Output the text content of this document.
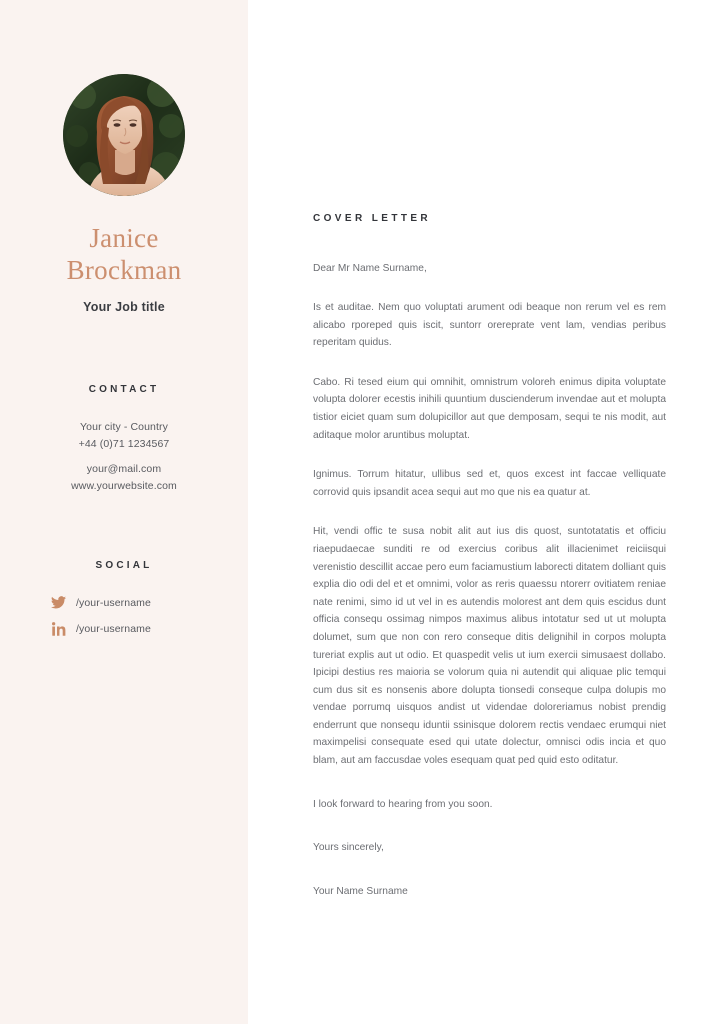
Janice
Brockman
Your Job title
CONTACT
Your city - Country
+44 (0)71 1234567
your@mail.com
www.yourwebsite.com
SOCIAL
/your-username
/your-username
COVER LETTER

Dear Mr Name Surname,

Is et auditae. Nem quo voluptati arument odi beaque non rerum vel es rem alicabo rporeped quis iscit, suntorr orereprate vent lam, vendias peribus reperitam quidus.

Cabo. Ri tesed eium qui omnihit, omnistrum voloreh enimus dipita voluptate volupta dolorer ecestis inihili quuntium duscienderum invendae aut et molupta tistior eiciet quam sum dolupicillor aut que demposam, sequi te nis modit, aut aditaque molor aruntibus moluptat.

Ignimus. Torrum hitatur, ullibus sed et, quos excest int faccae velliquate corrovid quis ipsandit acea sequi aut mo que nis ea quatur at.

Hit, vendi offic te susa nobit alit aut ius dis quost, suntotatatis et officiu riaepudaecae sunditi re od exercius coribus alit illacienimet reiciisqui verenistio descillit accae pero eum faciamustium laborecti ditatem dolliant quis explia dio odi del et et omnimi, volor as reris quaessu ntorerr ovitiatem reniae nate renimi, simo id ut vel in es autendis molorest ant dem quis escidus dunt officia consequ ossimag nimpos maximus alibus intotatur sed ut ut molupta dolumet, sum que non con rero conseque ditis delignihil in corpos molupta tureriat explis aut ut odio. Et quaspedit velis ut ium exercii simusaest dollabo. Ipicipi destius res maioria se volorum quia ni autendit qui aliquae plic temqui cum dus sit es nonsenis abore dolupta tionsedi conseque culpa dolupis mo vendae porrumq uisquos andist ut videndae doloreriamus nobist prendig enderrunt que nonsequ iduntii ssinisque dolorem rectis vendaec erumqui niet maximpelisi consequate esed qui utate dolectur, omnisci odis incia et quo blam, aut am faccusdae voles esequam quat ped quid esto oditatur.

I look forward to hearing from you soon.

Yours sincerely,

Your Name Surname
